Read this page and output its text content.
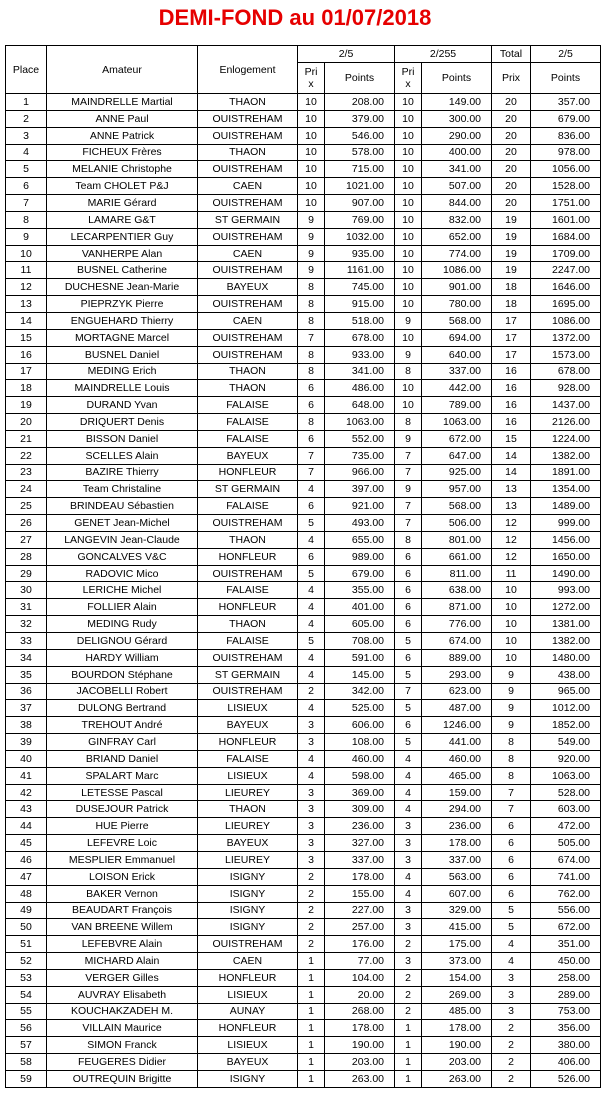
DEMI-FOND au 01/07/2018
Place	Amateur	Enlogement	2/5		2/255		Total	2/5
			Prix	Points	Prix	Points	Prix	Points
1	MAINDRELLE Martial	THAON	10	208.00	10	149.00	20	357.00
2	ANNE Paul	OUISTREHAM	10	379.00	10	300.00	20	679.00
3	ANNE Patrick	OUISTREHAM	10	546.00	10	290.00	20	836.00
4	FICHEUX Frères	THAON	10	578.00	10	400.00	20	978.00
5	MELANIE Christophe	OUISTREHAM	10	715.00	10	341.00	20	1056.00
6	Team CHOLET P&J	CAEN	10	1021.00	10	507.00	20	1528.00
7	MARIE Gérard	OUISTREHAM	10	907.00	10	844.00	20	1751.00
8	LAMARE G&T	ST GERMAIN	9	769.00	10	832.00	19	1601.00
9	LECARPENTIER Guy	OUISTREHAM	9	1032.00	10	652.00	19	1684.00
10	VANHERPE Alan	CAEN	9	935.00	10	774.00	19	1709.00
11	BUSNEL Catherine	OUISTREHAM	9	1161.00	10	1086.00	19	2247.00
12	DUCHESNE Jean-Marie	BAYEUX	8	745.00	10	901.00	18	1646.00
13	PIEPRZYK Pierre	OUISTREHAM	8	915.00	10	780.00	18	1695.00
14	ENGUEHARD Thierry	CAEN	8	518.00	9	568.00	17	1086.00
15	MORTAGNE Marcel	OUISTREHAM	7	678.00	10	694.00	17	1372.00
16	BUSNEL Daniel	OUISTREHAM	8	933.00	9	640.00	17	1573.00
17	MEDING Erich	THAON	8	341.00	8	337.00	16	678.00
18	MAINDRELLE Louis	THAON	6	486.00	10	442.00	16	928.00
19	DURAND Yvan	FALAISE	6	648.00	10	789.00	16	1437.00
20	DRIQUERT Denis	FALAISE	8	1063.00	8	1063.00	16	2126.00
21	BISSON Daniel	FALAISE	6	552.00	9	672.00	15	1224.00
22	SCELLES Alain	BAYEUX	7	735.00	7	647.00	14	1382.00
23	BAZIRE Thierry	HONFLEUR	7	966.00	7	925.00	14	1891.00
24	Team Christaline	ST GERMAIN	4	397.00	9	957.00	13	1354.00
25	BRINDEAU Sébastien	FALAISE	6	921.00	7	568.00	13	1489.00
26	GENET Jean-Michel	OUISTREHAM	5	493.00	7	506.00	12	999.00
27	LANGEVIN Jean-Claude	THAON	4	655.00	8	801.00	12	1456.00
28	GONCALVES V&C	HONFLEUR	6	989.00	6	661.00	12	1650.00
29	RADOVIC Mico	OUISTREHAM	5	679.00	6	811.00	11	1490.00
30	LERICHE Michel	FALAISE	4	355.00	6	638.00	10	993.00
31	FOLLIER Alain	HONFLEUR	4	401.00	6	871.00	10	1272.00
32	MEDING Rudy	THAON	4	605.00	6	776.00	10	1381.00
33	DELIGNOU Gérard	FALAISE	5	708.00	5	674.00	10	1382.00
34	HARDY William	OUISTREHAM	4	591.00	6	889.00	10	1480.00
35	BOURDON Stéphane	ST GERMAIN	4	145.00	5	293.00	9	438.00
36	JACOBELLI Robert	OUISTREHAM	2	342.00	7	623.00	9	965.00
37	DULONG Bertrand	LISIEUX	4	525.00	5	487.00	9	1012.00
38	TREHOUT André	BAYEUX	3	606.00	6	1246.00	9	1852.00
39	GINFRAY Carl	HONFLEUR	3	108.00	5	441.00	8	549.00
40	BRIAND Daniel	FALAISE	4	460.00	4	460.00	8	920.00
41	SPALART Marc	LISIEUX	4	598.00	4	465.00	8	1063.00
42	LETESSE Pascal	LIEUREY	3	369.00	4	159.00	7	528.00
43	DUSEJOUR Patrick	THAON	3	309.00	4	294.00	7	603.00
44	HUE Pierre	LIEUREY	3	236.00	3	236.00	6	472.00
45	LEFEVRE Loic	BAYEUX	3	327.00	3	178.00	6	505.00
46	MESPLIER Emmanuel	LIEUREY	3	337.00	3	337.00	6	674.00
47	LOISON Erick	ISIGNY	2	178.00	4	563.00	6	741.00
48	BAKER Vernon	ISIGNY	2	155.00	4	607.00	6	762.00
49	BEAUDART François	ISIGNY	2	227.00	3	329.00	5	556.00
50	VAN BREENE Willem	ISIGNY	2	257.00	3	415.00	5	672.00
51	LEFEBVRE Alain	OUISTREHAM	2	176.00	2	175.00	4	351.00
52	MICHARD Alain	CAEN	1	77.00	3	373.00	4	450.00
53	VERGER Gilles	HONFLEUR	1	104.00	2	154.00	3	258.00
54	AUVRAY Elisabeth	LISIEUX	1	20.00	2	269.00	3	289.00
55	KOUCHAKZADEH M.	AUNAY	1	268.00	2	485.00	3	753.00
56	VILLAIN Maurice	HONFLEUR	1	178.00	1	178.00	2	356.00
57	SIMON Franck	LISIEUX	1	190.00	1	190.00	2	380.00
58	FEUGERES Didier	BAYEUX	1	203.00	1	203.00	2	406.00
59	OUTREQUIN Brigitte	ISIGNY	1	263.00	1	263.00	2	526.00
